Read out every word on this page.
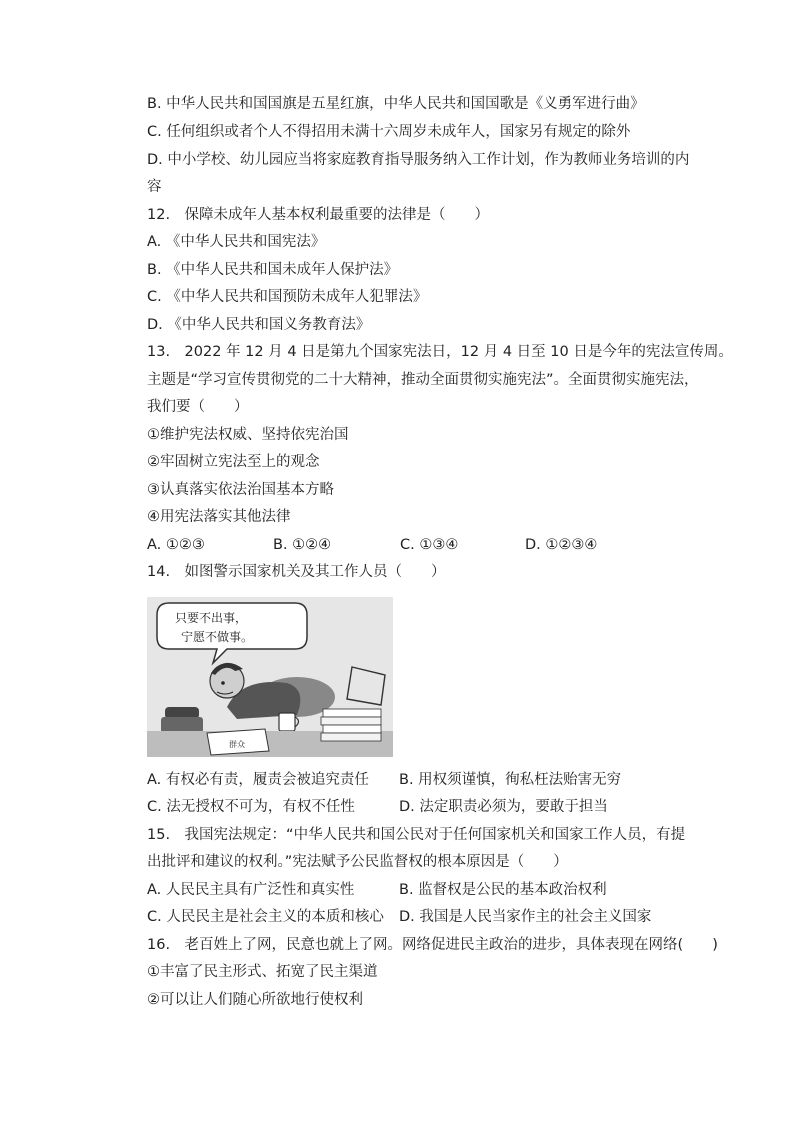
B. 中华人民共和国国旗是五星红旗，中华人民共和国国歌是《义勇军进行曲》
C. 任何组织或者个人不得招用未满十六周岁未成年人，国家另有规定的除外
D. 中小学校、幼儿园应当将家庭教育指导服务纳入工作计划，作为教师业务培训的内
容
12.　保障未成年人基本权利最重要的法律是（　　）
A. 《中华人民共和国宪法》
B. 《中华人民共和国未成年人保护法》
C. 《中华人民共和国预防未成年人犯罪法》
D. 《中华人民共和国义务教育法》
13.　2022 年 12 月 4 日是第九个国家宪法日，12 月 4 日至 10 日是今年的宪法宣传周。
主题是“学习宣传贯彻党的二十大精神，推动全面贯彻实施宪法”。全面贯彻实施宪法，
我们要（　　）
①维护宪法权威、坚持依宪治国
②牢固树立宪法至上的观念
③认真落实依法治国基本方略
④用宪法落实其他法律
A. ①②③	B. ①②④	C. ①③④	D. ①②③④
14.　如图警示国家机关及其工作人员（　　）
只要不出事，
宁愿不做事。
群众
A. 有权必有责，履责会被追究责任 B. 用权须谨慎，徇私枉法贻害无穷
C. 法无授权不可为，有权不任性	D. 法定职责必须为，要敢于担当
15.　我国宪法规定：“中华人民共和国公民对于任何国家机关和国家工作人员，有提
出批评和建议的权利。”宪法赋予公民监督权的根本原因是（　　）
A. 人民民主具有广泛性和真实性	B. 监督权是公民的基本政治权利
C. 人民民主是社会主义的本质和核心 D. 我国是人民当家作主的社会主义国家
16.　老百姓上了网，民意也就上了网。网络促进民主政治的进步，具体表现在网络(　　)
①丰富了民主形式、拓宽了民主渠道
②可以让人们随心所欲地行使权利
